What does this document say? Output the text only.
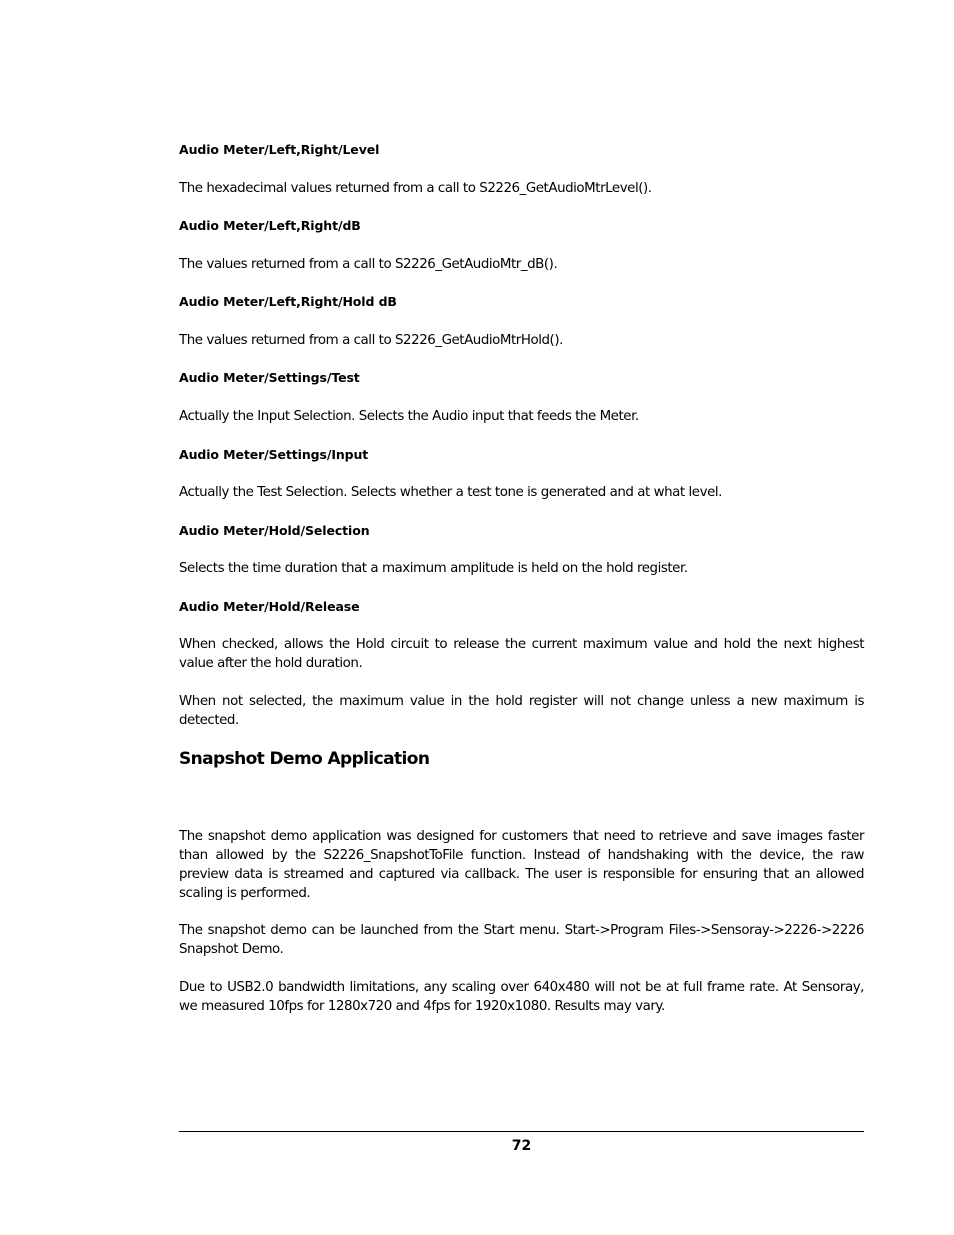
Audio Meter/Left,Right/Level
The hexadecimal values returned from a call to S2226_GetAudioMtrLevel().
Audio Meter/Left,Right/dB
The values returned from a call to S2226_GetAudioMtr_dB().
Audio Meter/Left,Right/Hold dB
The values returned from a call to S2226_GetAudioMtrHold().
Audio Meter/Settings/Test
Actually the Input Selection. Selects the Audio input that feeds the Meter.
Audio Meter/Settings/Input
Actually the Test Selection. Selects whether a test tone is generated and at what level.
Audio Meter/Hold/Selection
Selects the time duration that a maximum amplitude is held on the hold register.
Audio Meter/Hold/Release
When checked, allows the Hold circuit to release the current maximum value and hold the next highest value after the hold duration.
When not selected, the maximum value in the hold register will not change unless a new maximum is detected.
Snapshot Demo Application
The snapshot demo application was designed for customers that need to retrieve and save images faster than allowed by the S2226_SnapshotToFile function. Instead of handshaking with the device, the raw preview data is streamed and captured via callback. The user is responsible for ensuring that an allowed scaling is performed.
The snapshot demo can be launched from the Start menu. Start->Program Files->Sensoray->2226->2226 Snapshot Demo.
Due to USB2.0 bandwidth limitations, any scaling over 640x480 will not be at full frame rate. At Sensoray, we measured 10fps for 1280x720 and 4fps for 1920x1080. Results may vary.
72
